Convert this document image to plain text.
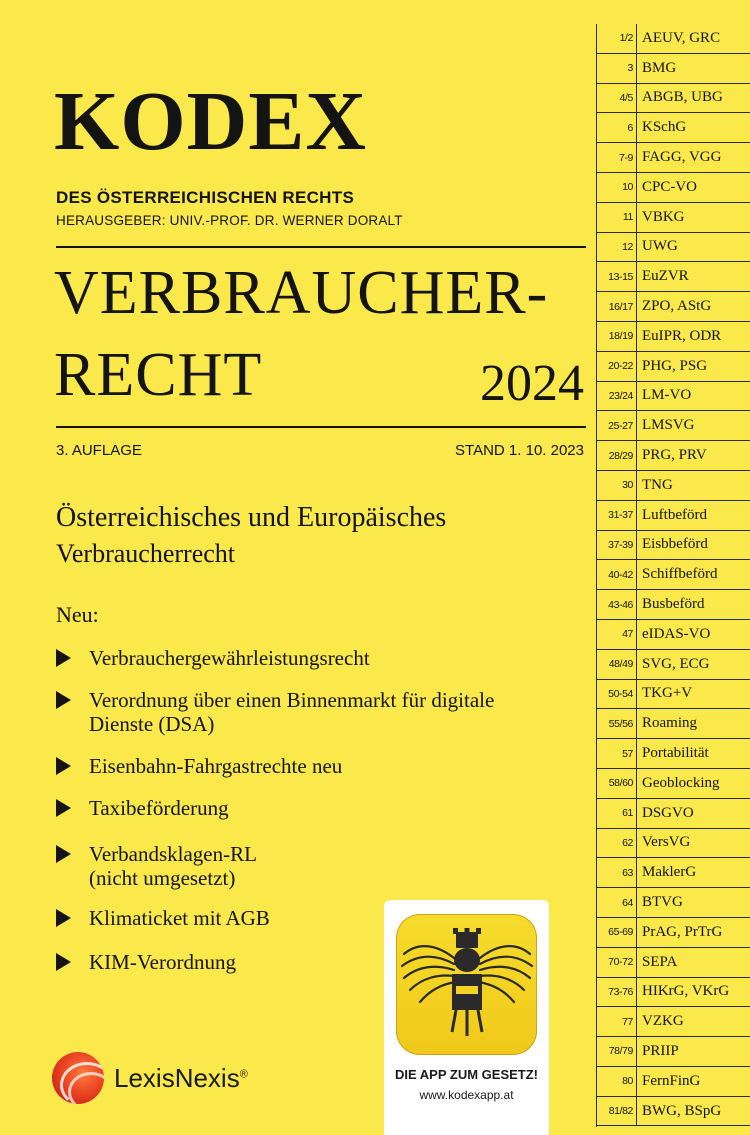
KODEX
DES ÖSTERREICHISCHEN RECHTS
HERAUSGEBER: UNIV.-PROF. DR. WERNER DORALT
VERBRAUCHER-
RECHT	2024
3. AUFLAGE	STAND 1. 10. 2023
Österreichisches und Europäisches
Verbraucherrecht
Neu:
Verbrauchergewährleistungsrecht

Verordnung über einen Binnenmarkt für digitale
Dienste (DSA)
Eisenbahn-Fahrgastrechte neu

Taxibeförderung

Verbandsklagen-RL
(nicht umgesetzt)
Klimaticket mit AGB

KIM-Verordnung

LexisNexis®	DIE APP ZUM GESETZ!
www.kodexapp.at
1/2 AEUV, GRC
3 BMG
4/5 ABGB, UBG
6 KSchG
7-9 FAGG, VGG
10 CPC-VO
11 VBKG
12 UWG
13-15 EuZVR
16/17 ZPO, AStG
18/19 EuIPR, ODR
20-22 PHG, PSG
23/24 LM-VO
25-27 LMSVG
28/29 PRG, PRV
30 TNG
31-37 Luftbeförd
37-39 Eisbbeförd
40-42 Schiffbeförd
43-46 Busbeförd
47 eIDAS-VO
48/49 SVG, ECG
50-54 TKG+V
55/56 Roaming
57 Portabilität
58/60 Geoblocking
61 DSGVO
62 VersVG
63 MaklerG
64 BTVG
65-69 PrAG, PrTrG
70-72 SEPA
73-76 HIKrG, VKrG
77 VZKG
78/79 PRIIP
80 FernFinG
81/82 BWG, BSpG
